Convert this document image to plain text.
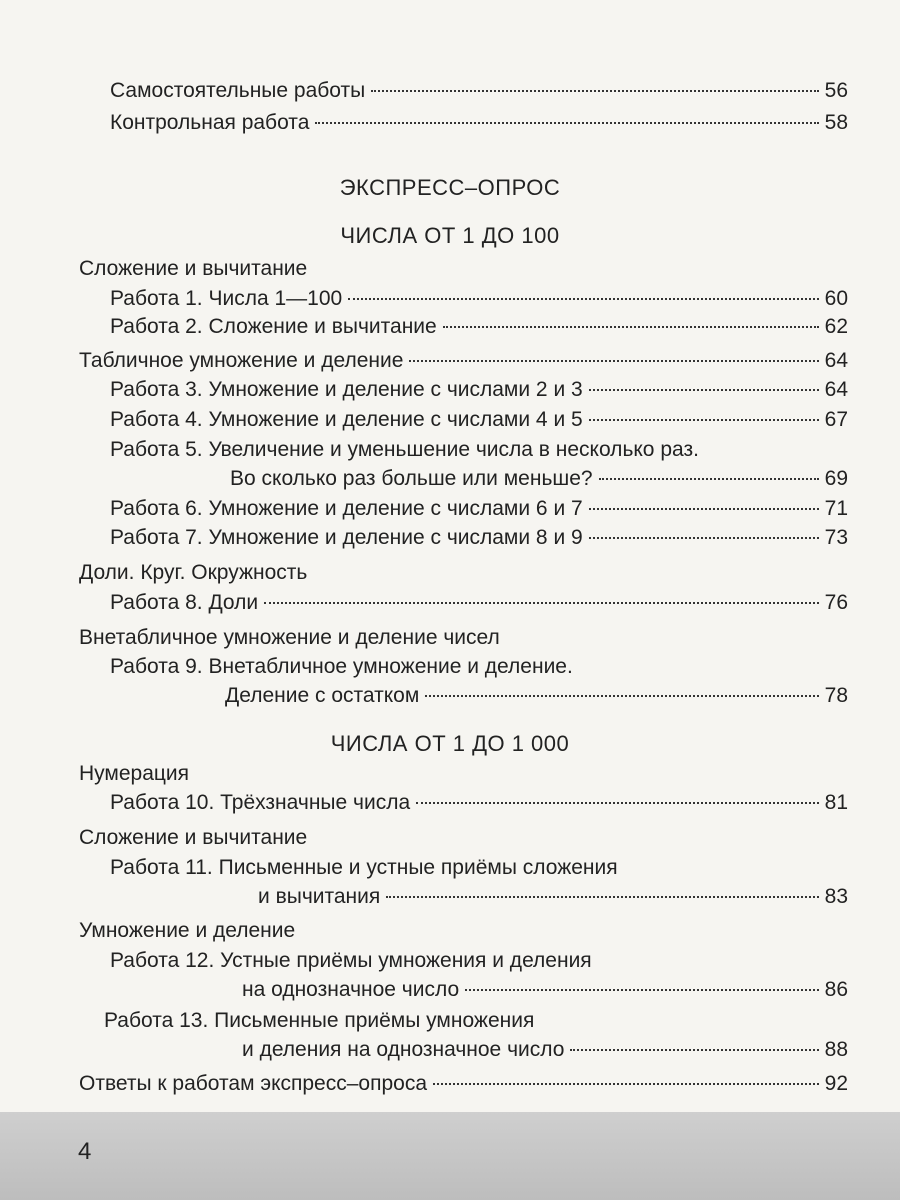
Самостоятельные работы	56
Контрольная работа	58
ЭКСПРЕСС–ОПРОС
ЧИСЛА ОТ 1 ДО 100
Сложение и вычитание
Работа 1. Числа 1—100	60
Работа 2. Сложение и вычитание	62
Табличное умножение и деление	64
Работа 3. Умножение и деление с числами 2 и 3	64
Работа 4. Умножение и деление с числами 4 и 5	67
Работа 5. Увеличение и уменьшение числа в несколько раз.
Во сколько раз больше или меньше?	69
Работа 6. Умножение и деление с числами 6 и 7	71
Работа 7. Умножение и деление с числами 8 и 9	73
Доли. Круг. Окружность
Работа 8. Доли	76
Внетабличное умножение и деление чисел
Работа 9. Внетабличное умножение и деление.
Деление с остатком	78
ЧИСЛА ОТ 1 ДО 1 000
Нумерация
Работа 10. Трёхзначные числа	81
Сложение и вычитание
Работа 11. Письменные и устные приёмы сложения
и вычитания	83
Умножение и деление
Работа 12. Устные приёмы умножения и деления
на однозначное число	86
Работа 13. Письменные приёмы умножения
и деления на однозначное число	88
Ответы к работам экспресс–опроса	92
4
